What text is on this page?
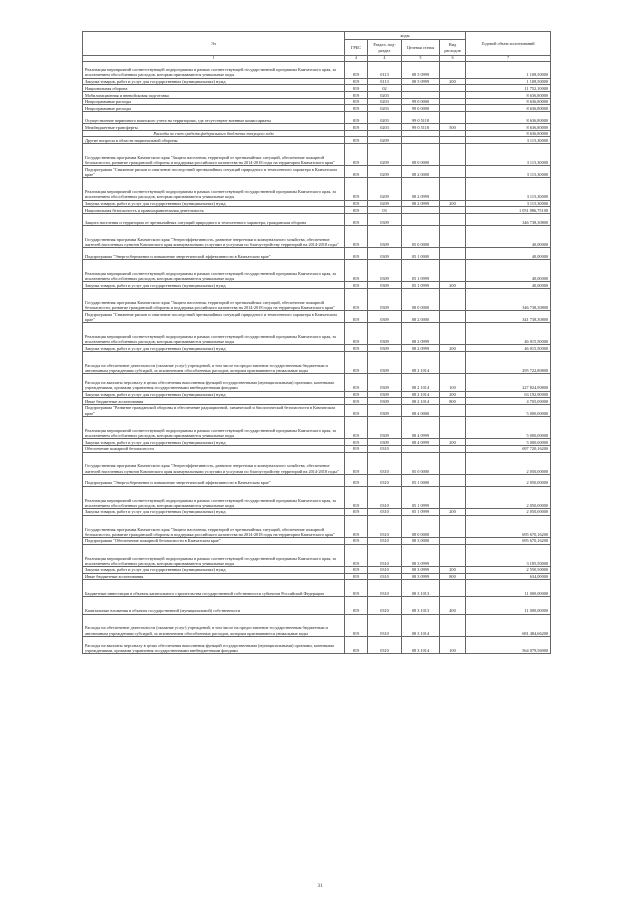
Эл	коды				Годовой объем ассигнований
	ГРБС	Раздел, под-раздел	Целевая статья	Вид расходов	
1	4	4	5	6	7
Реализация мероприятий соответствующей подпрограммы в рамках соответствующей государственной программы Камчатского края, за исключением обособленных расходов, которым присваиваются уникальные коды	819	0113	08 5 0999		1 108,50000
Закупка товаров, работ и услуг для государственных (муниципальных) нужд	819	0113	08 5 0999	200	1 108,50000
Национальная оборона	819	02			11 752,10000
Мобилизационная и вневойсковая подготовка	819	0203			8 636,80000
Непрограммные расходы	819	0203	99 0 0000		8 636,80000
Непрограммные расходы	819	0203	99 0 0000		8 636,80000
Осуществление первичного воинского учета на территориях, где отсутствуют военные комиссариаты	819	0203	99 0 5118		8 636,80000
Межбюджетные трансферты	819	0203	99 0 5118	500	8 636,80000
Расходы за счет средств федерального бюджета текущего года					8 636,80000
Другие вопросы в области национальной обороны	819	0209			3 115,30000
Государственная программа Камчатского края "Защита населения, территорий от чрезвычайных ситуаций, обеспечение пожарной безопасности, развитие гражданской обороны и поддержка российского казачества на 2014-2018 годы на территории Камчатского края"	819	0209	08 0 0000		3 115,30000
Подпрограмма "Снижение рисков и смягчение последствий чрезвычайных ситуаций природного и техногенного характера в Камчатском крае"	819	0209	08 2 0000		3 115,30000
Реализация мероприятий соответствующей подпрограммы в рамках соответствующей государственной программы Камчатского края, за исключением обособленных расходов, которым присваиваются уникальные коды	819	0209	08 2 0999		3 115,30000
Закупка товаров, работ и услуг для государственных (муниципальных) нужд	819	0209	08 2 0999	200	3 115,30000
Национальная безопасность и правоохранительная деятельность	819	03			1 051 086,75100
Защита населения и территории от чрезвычайных ситуаций природного и техногенного характера, гражданская оборона	819	0309			346 738,30800
Государственная программа Камчатского края "Энергоэффективность, развитие энергетики и коммунального хозяйства, обеспечение жителей населенных пунктов Камчатского края коммунальными услугами и услугами по благоустройству территорий на 2014-2018 годы"	819	0309	05 0 0000		40,00000
Подпрограмма "Энергосбережение и повышение энергетической эффективности в Камчатском крае"	819	0309	05 1 0000		40,00000
Реализация мероприятий соответствующей подпрограммы в рамках соответствующей государственной программы Камчатского края, за исключением обособленных расходов, которым присваиваются уникальные коды	819	0309	05 1 0999		40,00000
Закупка товаров, работ и услуг для государственных (муниципальных) нужд	819	0309	05 1 0999	200	40,00000
Государственная программа Камчатского края "Защита населения, территорий от чрезвычайных ситуаций, обеспечение пожарной безопасности, развитие гражданской обороны и поддержка российского казачества на 2014-2018 годы на территории Камчатского края"	819	0309	08 0 0000		346 738,30800
Подпрограмма "Снижение рисков и смягчение последствий чрезвычайных ситуаций природного и техногенного характера в Камчатском крае"	819	0309	08 2 0000		341 738,30800
Реализация мероприятий соответствующей подпрограммы в рамках соответствующей государственной программы Камчатского края, за исключением обособленных расходов, которым присваиваются уникальные коды	819	0309	08 2 0999		46 015,50000
Закупка товаров, работ и услуг для государственных (муниципальных) нужд	819	0309	08 2 0999	200	46 015,50000
Расходы на обеспечение деятельности (оказание услуг) учреждений, в том числе на предоставление государственным бюджетным и автономным учреждениям субсидий, за исключением обособленных расходов, которым присваиваются уникальные коды	819	0309	08 2 1014		295 722,80800
Расходы на выплаты персоналу в целях обеспечения выполнения функций государственными (муниципальными) органами, казенными учреждениями, органами управления государственными внебюджетными фондами	819	0309	08 2 1014	100	227 824,90800
Закупка товаров, работ и услуг для государственных (муниципальных) нужд	819	0309	08 2 1014	200	63 192,90000
Иные бюджетные ассигнования	819	0309	08 2 1014	800	4 705,00000
Подпрограмма "Развитие гражданской обороны и обеспечение радиационной, химической и биологической безопасности в Камчатском крае"	819	0309	08 4 0000		5 000,00000
Реализация мероприятий соответствующей подпрограммы в рамках соответствующей государственной программы Камчатского края, за исключением обособленных расходов, которым присваиваются уникальные коды	819	0309	08 4 0999		5 000,00000
Закупка товаров, работ и услуг для государственных (муниципальных) нужд	819	0309	08 4 0999	200	5 000,00000
Обеспечение пожарной безопасности	819	0310			697 720,16200
Государственная программа Камчатского края "Энергоэффективность, развитие энергетики и коммунального хозяйства, обеспечение жителей населенных пунктов Камчатского края коммунальными услугами и услугами по благоустройству территорий на 2014-2018 годы"	819	0310	05 0 0000		2 050,00000
Подпрограмма "Энергосбережение и повышение энергетической эффективности в Камчатском крае"	819	0310	05 1 0000		2 050,00000
Реализация мероприятий соответствующей подпрограммы в рамках соответствующей государственной программы Камчатского края, за исключением обособленных расходов, которым присваиваются уникальные коды	819	0310	05 1 0999		2 050,00000
Закупка товаров, работ и услуг для государственных (муниципальных) нужд	819	0310	05 1 0999	200	2 050,00000
Государственная программа Камчатского края "Защита населения, территорий от чрезвычайных ситуаций, обеспечение пожарной безопасности, развитие гражданской обороны и поддержка российского казачества на 2014-2018 годы на территории Камчатского края"	819	0310	08 0 0000		695 670,16200
Подпрограмма "Обеспечение пожарной безопасности в Камчатском крае"	819	0310	08 3 0000		695 670,16200
Реализация мероприятий соответствующей подпрограммы в рамках соответствующей государственной программы Камчатского края, за исключением обособленных расходов, которым присваиваются уникальные коды	819	0310	08 3 0999		3 185,50000
Закупка товаров, работ и услуг для государственных (муниципальных) нужд	819	0310	08 3 0999	200	2 550,50000
Иные бюджетные ассигнования	819	0310	08 3 0999	800	634,00000
Бюджетные инвестиции в объекты капитального строительства государственной собственности субъектов Российской Федерации	819	0310	08 3 1013		11 000,00000
Капитальные вложения в объекты государственной (муниципальной) собственности	819	0310	08 3 1013	400	11 000,00000
Расходы на обеспечение деятельности (оказание услуг) учреждений, в том числе на предоставление государственным бюджетным и автономным учреждениям субсидий, за исключением обособленных расходов, которым присваиваются уникальные коды	819	0310	08 3 1014		681 484,66200
Расходы на выплаты персоналу в целях обеспечения выполнения функций государственными (муниципальными) органами, казенными учреждениями, органами управления государственными внебюджетными фондами	819	0310	08 3 1014	100	564 079,56900
31
